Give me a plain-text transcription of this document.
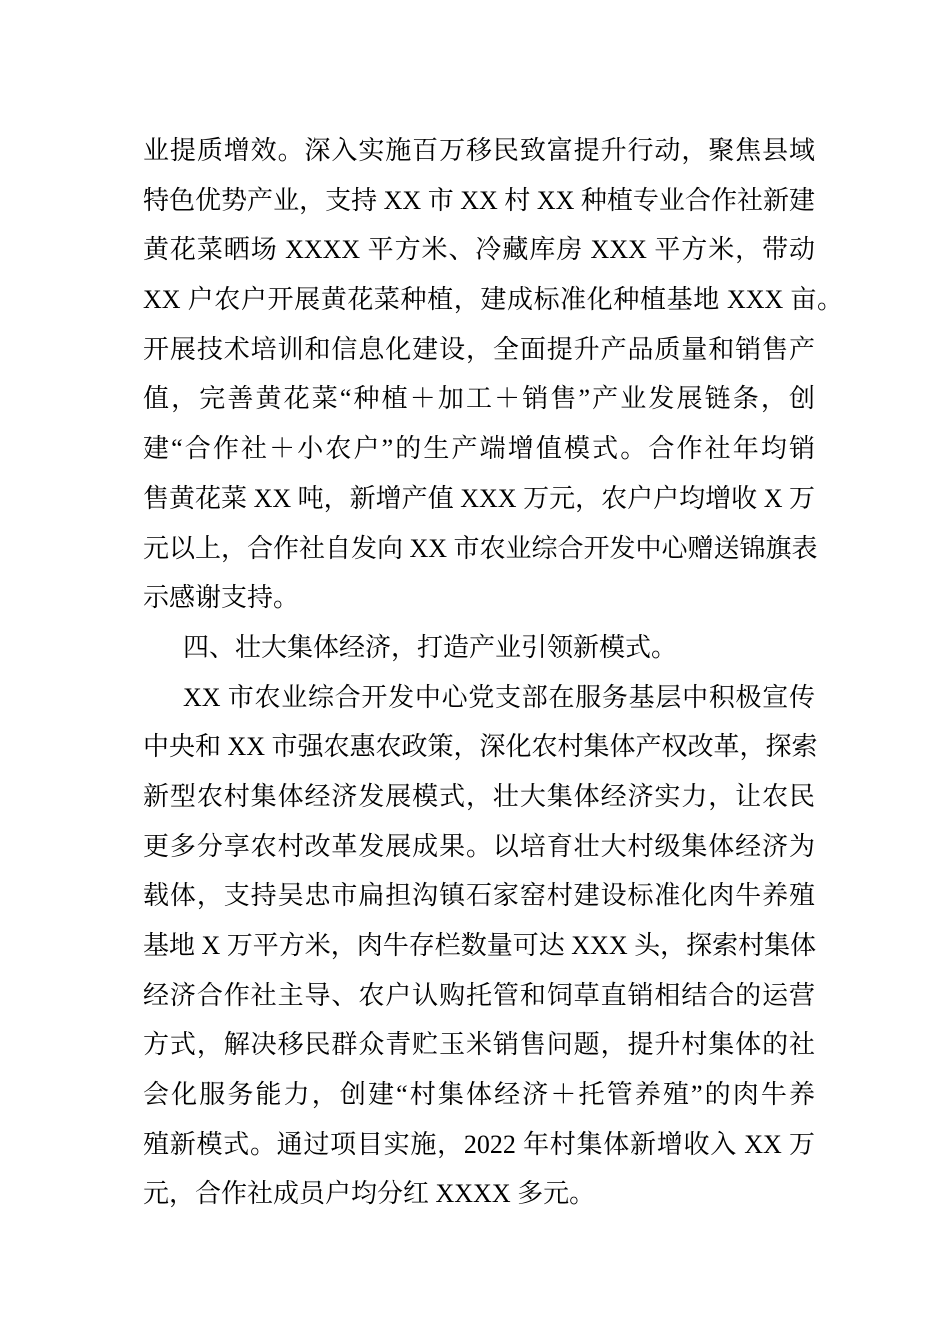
业提质增效。深入实施百万移民致富提升行动，聚焦县域
特色优势产业，支持 XX 市 XX 村 XX 种植专业合作社新建
黄花菜晒场 XXXX 平方米、冷藏库房 XXX 平方米，带动
XX 户农户开展黄花菜种植，建成标准化种植基地 XXX 亩。
开展技术培训和信息化建设，全面提升产品质量和销售产
值，完善黄花菜“种植＋加工＋销售”产业发展链条，创
建“合作社＋小农户”的生产端增值模式。合作社年均销
售黄花菜 XX 吨，新增产值 XXX 万元，农户户均增收 X 万
元以上，合作社自发向 XX 市农业综合开发中心赠送锦旗表
示感谢支持。
四、壮大集体经济，打造产业引领新模式。
XX 市农业综合开发中心党支部在服务基层中积极宣传
中央和 XX 市强农惠农政策，深化农村集体产权改革，探索
新型农村集体经济发展模式，壮大集体经济实力，让农民
更多分享农村改革发展成果。以培育壮大村级集体经济为
载体，支持吴忠市扁担沟镇石家窑村建设标准化肉牛养殖
基地 X 万平方米，肉牛存栏数量可达 XXX 头，探索村集体
经济合作社主导、农户认购托管和饲草直销相结合的运营
方式，解决移民群众青贮玉米销售问题，提升村集体的社
会化服务能力，创建“村集体经济＋托管养殖”的肉牛养
殖新模式。通过项目实施，2022 年村集体新增收入 XX 万
元，合作社成员户均分红 XXXX 多元。
